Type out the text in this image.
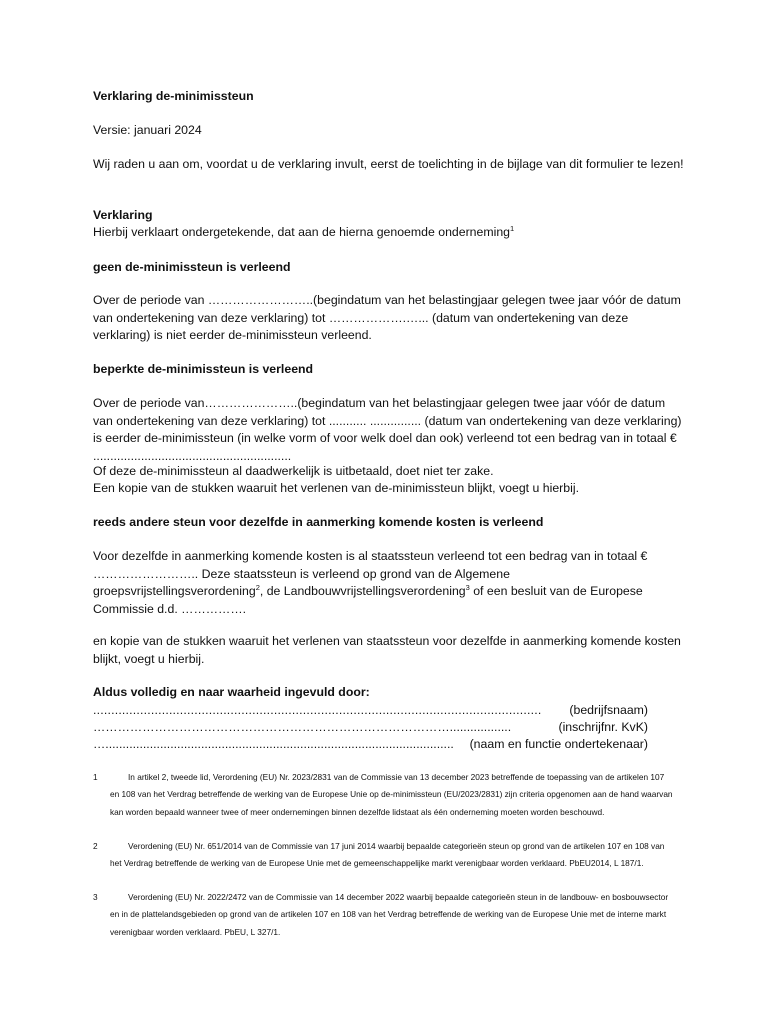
Verklaring de-minimissteun

Versie: januari 2024

Wij raden u aan om, voordat u de verklaring invult, eerst de toelichting in de bijlage van dit formulier te lezen!

Verklaring

Hierbij verklaart ondergetekende, dat aan de hierna genoemde onderneming$^1$

geen de-minimissteun is verleend

Over de periode van ……………………..(begindatum van het belastingjaar gelegen twee jaar vóór de datum van ondertekening van deze verklaring) tot ……………….…... (datum van ondertekening van deze verklaring) is niet eerder de-minimissteun verleend.

beperkte de-minimissteun is verleend

Over de periode van…………………..(begindatum van het belastingjaar gelegen twee jaar vóór de datum van ondertekening van deze verklaring) tot ........... ............... (datum van ondertekening van deze verklaring) is eerder de-minimissteun (in welke vorm of voor welk doel dan ook) verleend tot een bedrag van in totaal € ..........................................................

Of deze de-minimissteun al daadwerkelijk is uitbetaald, doet niet ter zake.

Een kopie van de stukken waaruit het verlenen van de-minimissteun blijkt, voegt u hierbij.

reeds andere steun voor dezelfde in aanmerking komende kosten is verleend

Voor dezelfde in aanmerking komende kosten is al staatssteun verleend tot een bedrag van in totaal € …………………….. Deze staatssteun is verleend op grond van de Algemene groepsvrijstellingsverordening$^2$, de Landbouwvrijstellingsverordening$^3$ of een besluit van de Europese Commissie d.d. …………….

en kopie van de stukken waaruit het verlenen van staatssteun voor dezelfde in aanmerking komende kosten blijkt, voegt u hierbij.

Aldus volledig en naar waarheid ingevuld door:

............................................................................................................................	(bedrijfsnaam)
……………………………………………………………………………..................	(inschrijfnr. KvK)
…......................................................................................................	(naam en functie ondertekenaar)
1	In artikel 2, tweede lid, Verordening (EU) Nr. 2023/2831 van de Commissie van 13 december 2023 betreffende de toepassing van de artikelen 107 en 108 van het Verdrag betreffende de werking van de Europese Unie op de-minimissteun (EU/2023/2831) zijn criteria opgenomen aan de hand waarvan kan worden bepaald wanneer twee of meer ondernemingen binnen dezelfde lidstaat als één onderneming moeten worden beschouwd.

2	Verordening (EU) Nr. 651/2014 van de Commissie van 17 juni 2014 waarbij bepaalde categorieën steun op grond van de artikelen 107 en 108 van het Verdrag betreffende de werking van de Europese Unie met de gemeenschappelijke markt verenigbaar worden verklaard. PbEU2014, L 187/1.

3	Verordening (EU) Nr. 2022/2472 van de Commissie van 14 december 2022 waarbij bepaalde categorieën steun in de landbouw- en bosbouwsector en in de plattelandsgebieden op grond van de artikelen 107 en 108 van het Verdrag betreffende de werking van de Europese Unie met de interne markt verenigbaar worden verklaard. PbEU, L 327/1.
